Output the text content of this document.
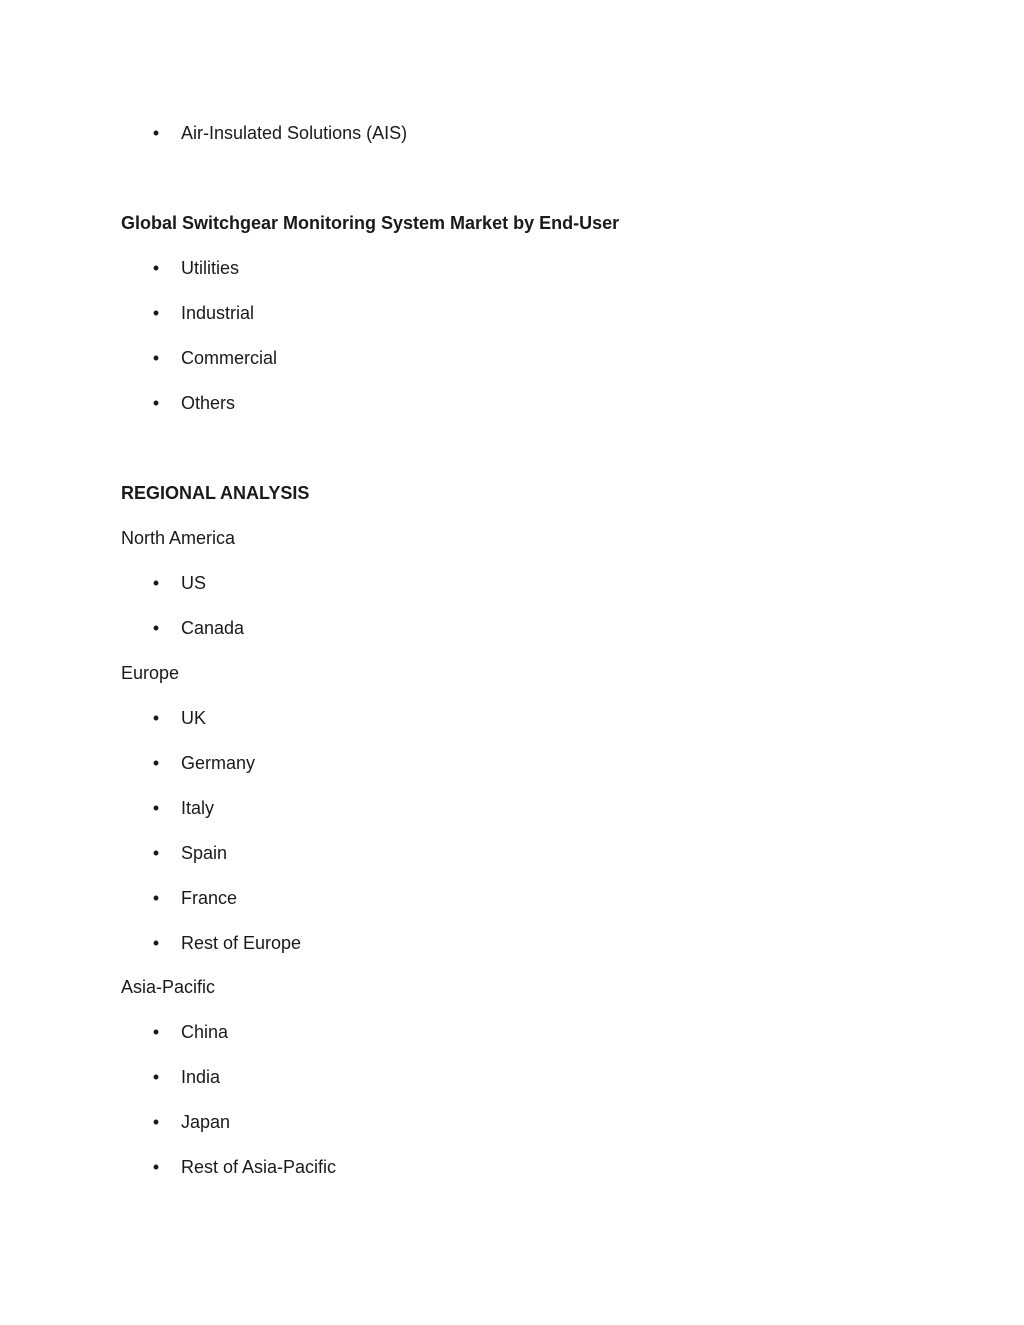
• Air-Insulated Solutions (AIS)
Global Switchgear Monitoring System Market by End-User
• Utilities
• Industrial
• Commercial
• Others
REGIONAL ANALYSIS
North America
• US
• Canada
Europe
• UK
• Germany
• Italy
• Spain
• France
• Rest of Europe
Asia-Pacific
• China
• India
• Japan
• Rest of Asia-Pacific
